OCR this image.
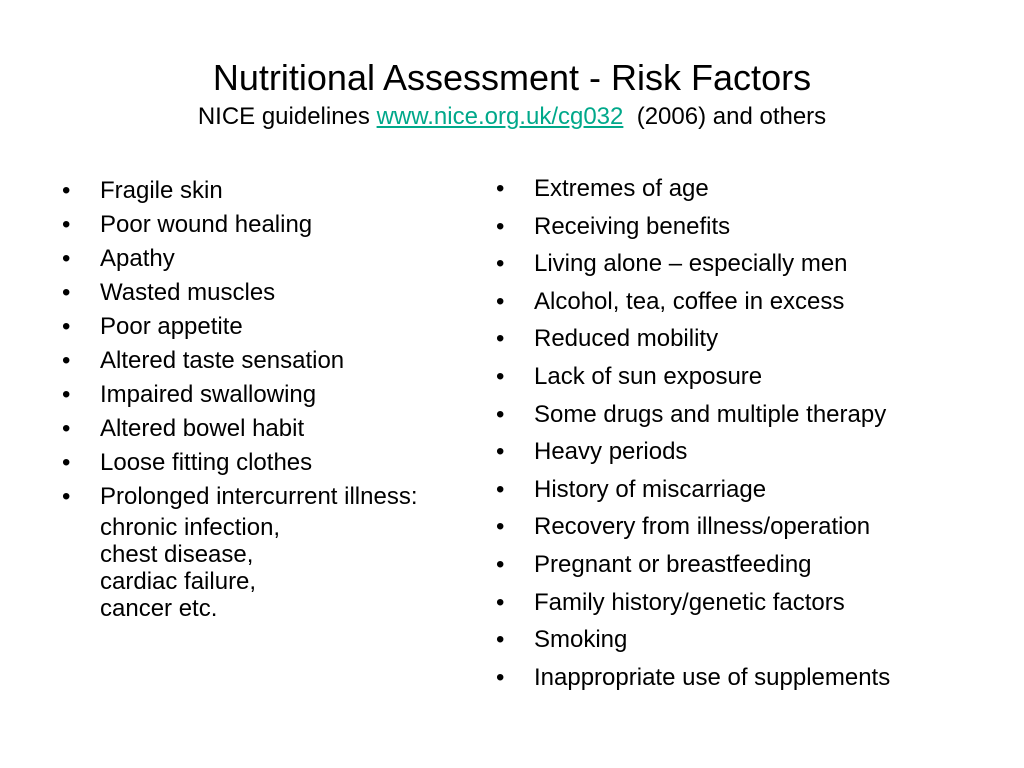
Nutritional Assessment - Risk Factors
NICE guidelines www.nice.org.uk/cg032 (2006) and others
• Fragile skin
• Poor wound healing
• Apathy
• Wasted muscles
• Poor appetite
• Altered taste sensation
• Impaired swallowing
• Altered bowel habit
• Loose fitting clothes
• Prolonged intercurrent illness:
chronic infection,
chest disease,
cardiac failure,
cancer etc.
• Extremes of age
• Receiving benefits
• Living alone – especially men
• Alcohol, tea, coffee in excess
• Reduced mobility
• Lack of sun exposure
• Some drugs and multiple therapy
• Heavy periods
• History of miscarriage
• Recovery from illness/operation
• Pregnant or breastfeeding
• Family history/genetic factors
• Smoking
• Inappropriate use of supplements
